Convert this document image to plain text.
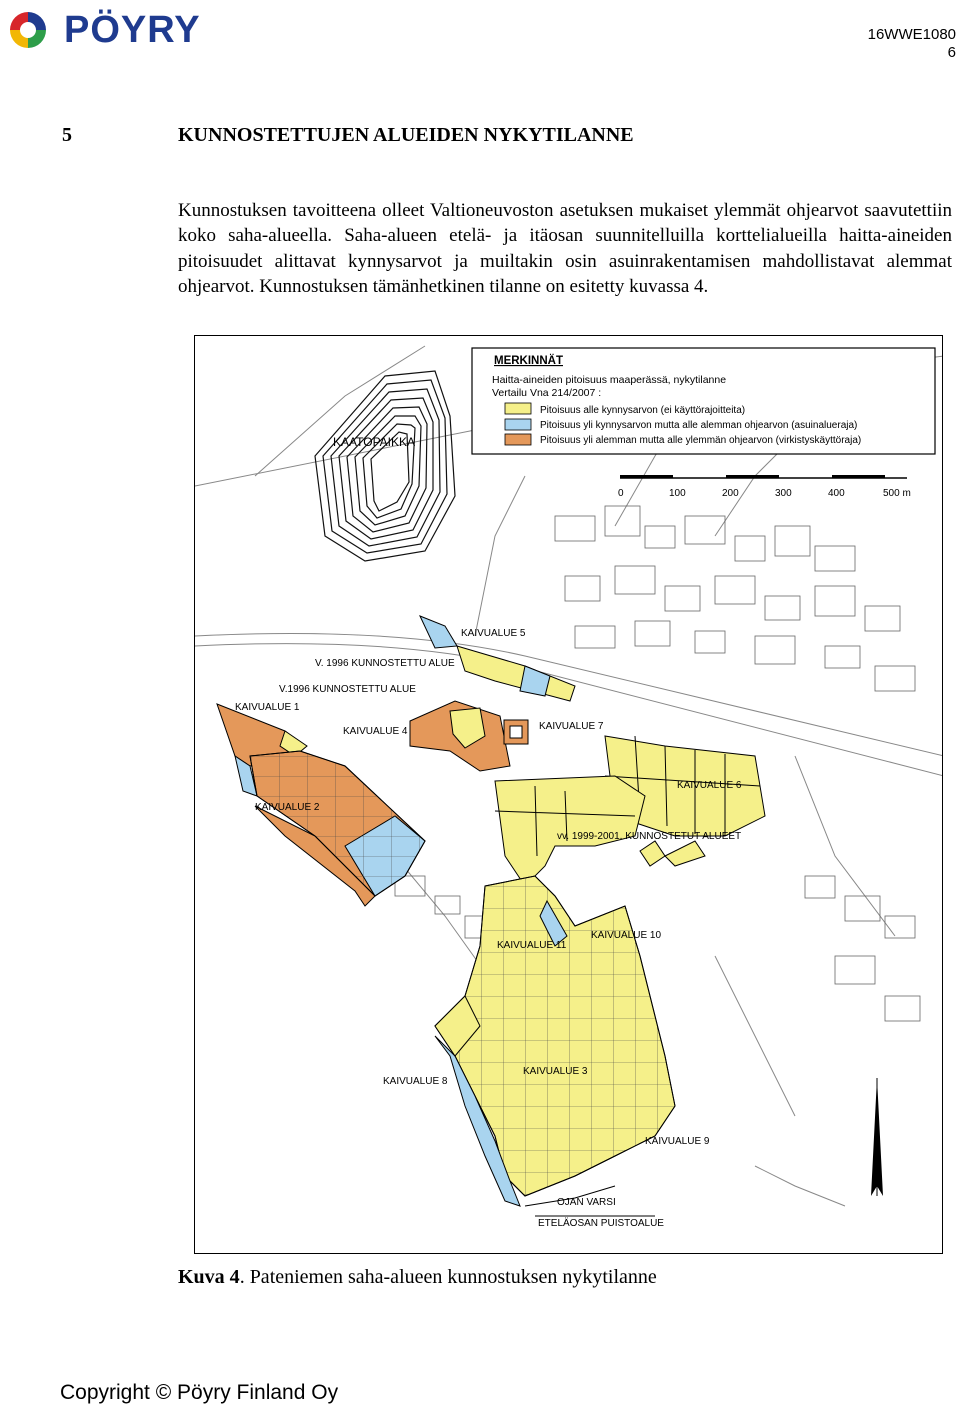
PÖYRY	16WWE1080
6
5	KUNNOSTETTUJEN ALUEIDEN NYKYTILANNE
Kunnostuksen tavoitteena olleet Valtioneuvoston asetuksen mukaiset ylemmät ohjearvot saavutettiin koko saha-alueella. Saha-alueen etelä- ja itäosan suunnitelluilla korttelialueilla haitta-aineiden pitoisuudet alittavat kynnysarvot ja muiltakin osin asuinrakentamisen mahdollistavat alemmat ohjearvot. Kunnostuksen tämänhetkinen tilanne on esitetty kuvassa 4.
KAATOPAIKKA
MERKINNÄT
Haitta-aineiden pitoisuus maaperässä, nykytilanne
Vertailu Vna 214/2007 :
Pitoisuus alle kynnysarvon (ei käyttörajoitteita)
Pitoisuus yli kynnysarvon mutta alle alemman ohjearvon (asuinalueraja)
Pitoisuus yli alemman mutta alle ylemmän ohjearvon (virkistyskäyttöraja)
0	100	200	300	400	500 m
KAIVUALUE 5
V. 1996 KUNNOSTETTU ALUE
V.1996 KUNNOSTETTU ALUE
KAIVUALUE 1
KAIVUALUE 2
KAIVUALUE 4	KAIVUALUE 7
KAIVUALUE 6
vv. 1999-2001. KUNNOSTETUT ALUEET
KAIVUALUE 11
KAIVUALUE 10
KAIVUALUE 3
KAIVUALUE 8
KAIVUALUE 9
OJAN VARSI
ETELÄOSAN PUISTOALUE
Kuva 4. Pateniemen saha-alueen kunnostuksen nykytilanne
Copyright © Pöyry Finland Oy
